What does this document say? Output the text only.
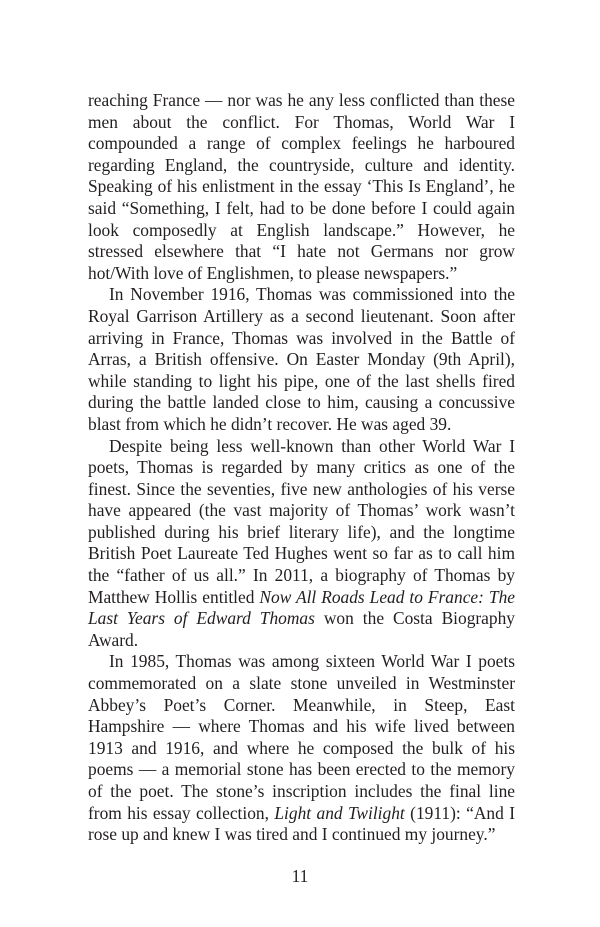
reaching France — nor was he any less conflicted than these men about the conflict. For Thomas, World War I compounded a range of complex feelings he harboured regarding England, the countryside, culture and identity. Speaking of his enlistment in the essay ‘This Is England’, he said “Something, I felt, had to be done before I could again look composedly at English landscape.” However, he stressed elsewhere that “I hate not Germans nor grow hot/With love of Englishmen, to please newspapers.”

In November 1916, Thomas was commissioned into the Royal Garrison Artillery as a second lieutenant. Soon after arriving in France, Thomas was involved in the Battle of Arras, a British offensive. On Easter Monday (9th April), while standing to light his pipe, one of the last shells fired during the battle landed close to him, causing a concussive blast from which he didn’t recover. He was aged 39.

Despite being less well-known than other World War I poets, Thomas is regarded by many critics as one of the finest. Since the seventies, five new anthologies of his verse have appeared (the vast majority of Thomas’ work wasn’t published during his brief literary life), and the longtime British Poet Laureate Ted Hughes went so far as to call him the “father of us all.” In 2011, a biography of Thomas by Matthew Hollis entitled Now All Roads Lead to France: The Last Years of Edward Thomas won the Costa Biography Award.

In 1985, Thomas was among sixteen World War I poets commemorated on a slate stone unveiled in Westminster Abbey’s Poet’s Corner. Meanwhile, in Steep, East Hampshire — where Thomas and his wife lived between 1913 and 1916, and where he composed the bulk of his poems — a memorial stone has been erected to the memory of the poet. The stone’s inscription includes the final line from his essay collection, Light and Twilight (1911): “And I rose up and knew I was tired and I continued my journey.”

11
